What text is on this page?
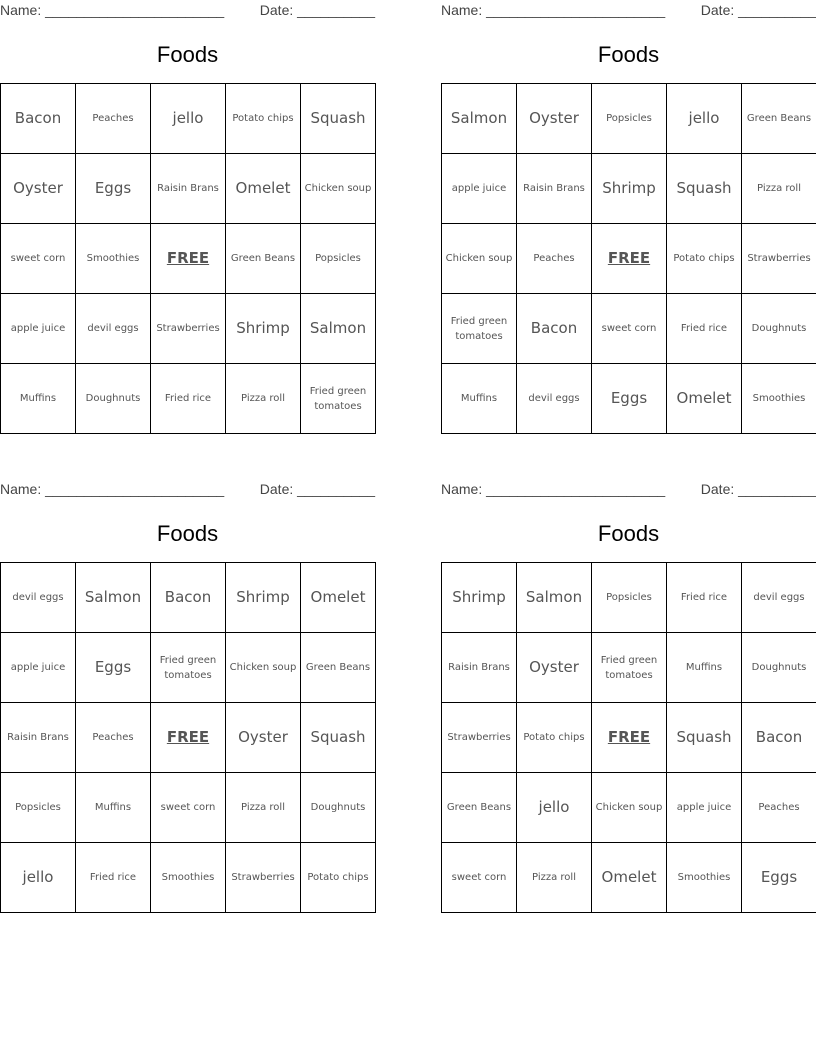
Name: _______________________	Date: __________
Foods
Bacon	Peaches	jello	Potato chips	Squash
Oyster	Eggs	Raisin Brans	Omelet	Chicken soup
sweet corn	Smoothies	FREE	Green Beans	Popsicles
apple juice	devil eggs	Strawberries	Shrimp	Salmon
Muffins	Doughnuts	Fried rice	Pizza roll	Fried green tomatoes
Name: _______________________	Date: __________
Foods
Salmon	Oyster	Popsicles	jello	Green Beans
apple juice	Raisin Brans	Shrimp	Squash	Pizza roll
Chicken soup	Peaches	FREE	Potato chips	Strawberries
Fried green tomatoes	Bacon	sweet corn	Fried rice	Doughnuts
Muffins	devil eggs	Eggs	Omelet	Smoothies
Name: _______________________	Date: __________
Foods
devil eggs	Salmon	Bacon	Shrimp	Omelet
apple juice	Eggs	Fried green tomatoes	Chicken soup	Green Beans
Raisin Brans	Peaches	FREE	Oyster	Squash
Popsicles	Muffins	sweet corn	Pizza roll	Doughnuts
jello	Fried rice	Smoothies	Strawberries	Potato chips
Name: _______________________	Date: __________
Foods
Shrimp	Salmon	Popsicles	Fried rice	devil eggs
Raisin Brans	Oyster	Fried green tomatoes	Muffins	Doughnuts
Strawberries	Potato chips	FREE	Squash	Bacon
Green Beans	jello	Chicken soup	apple juice	Peaches
sweet corn	Pizza roll	Omelet	Smoothies	Eggs
